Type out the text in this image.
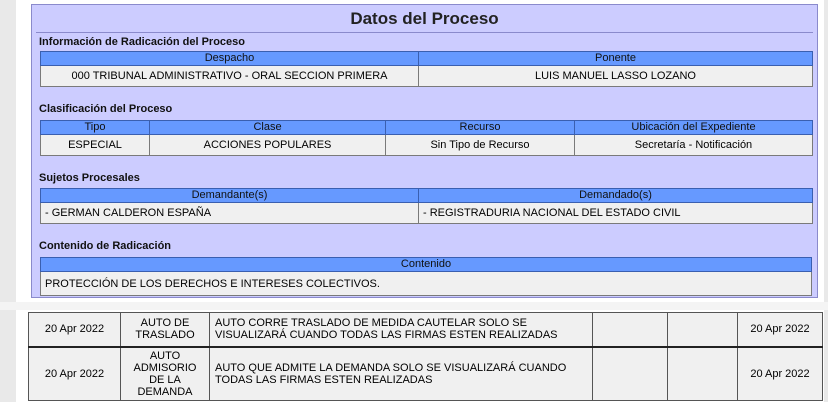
Datos del Proceso
Información de Radicación del Proceso
Despacho	Ponente
000 TRIBUNAL ADMINISTRATIVO - ORAL SECCION PRIMERA	LUIS MANUEL LASSO LOZANO
Clasificación del Proceso
Tipo	Clase	Recurso	Ubicación del Expediente
ESPECIAL	ACCIONES POPULARES	Sin Tipo de Recurso	Secretaría - Notificación
Sujetos Procesales
Demandante(s)	Demandado(s)
- GERMAN CALDERON ESPAÑA	- REGISTRADURIA NACIONAL DEL ESTADO CIVIL
Contenido de Radicación
Contenido
PROTECCIÓN DE LOS DERECHOS E INTERESES COLECTIVOS.
20 Apr 2022	AUTO DE TRASLADO	AUTO CORRE TRASLADO DE MEDIDA CAUTELAR SOLO SE VISUALIZARÁ CUANDO TODAS LAS FIRMAS ESTEN REALIZADAS			20 Apr 2022
20 Apr 2022	AUTO ADMISORIO DE LA DEMANDA	AUTO QUE ADMITE LA DEMANDA SOLO SE VISUALIZARÁ CUANDO TODAS LAS FIRMAS ESTEN REALIZADAS			20 Apr 2022
